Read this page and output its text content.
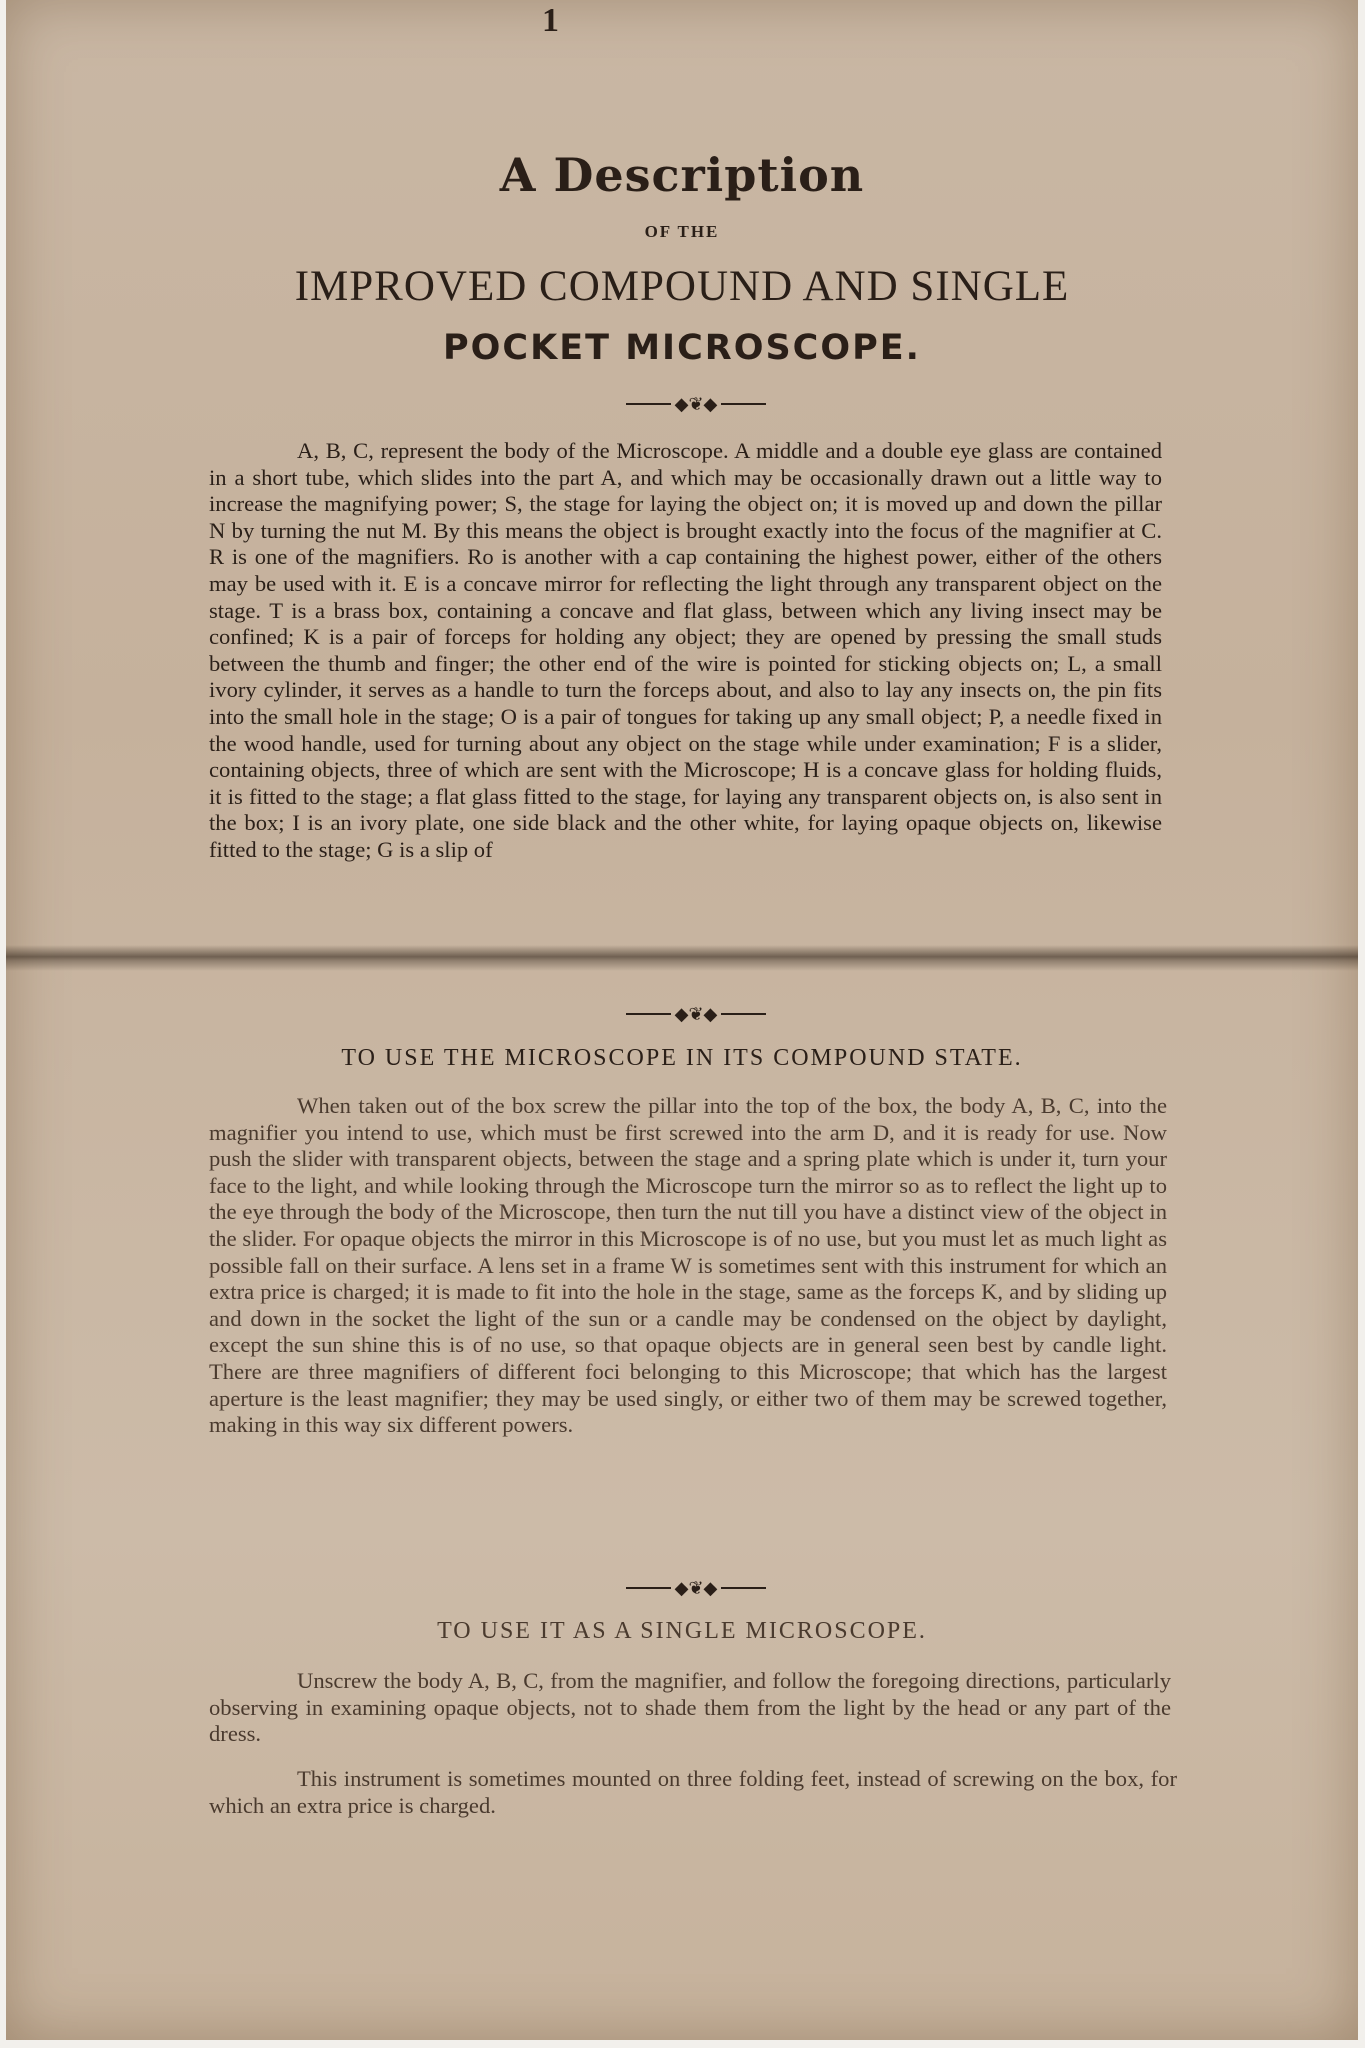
1
A Description
OF THE
IMPROVED COMPOUND AND SINGLE
POCKET MICROSCOPE.
◆❦◆

A, B, C, represent the body of the Microscope. A middle and a double eye glass are contained in a short tube, which slides into the part A, and which may be occasionally drawn out a little way to increase the magnifying power; S, the stage for laying the object on; it is moved up and down the pillar N by turning the nut M. By this means the object is brought exactly into the focus of the magnifier at C. R is one of the magnifiers. Ro is another with a cap containing the highest power, either of the others may be used with it. E is a concave mirror for reflecting the light through any transparent object on the stage. T is a brass box, containing a concave and flat glass, between which any living insect may be confined; K is a pair of forceps for holding any object; they are opened by pressing the small studs between the thumb and finger; the other end of the wire is pointed for sticking objects on; L, a small ivory cylinder, it serves as a handle to turn the forceps about, and also to lay any insects on, the pin fits into the small hole in the stage; O is a pair of tongues for taking up any small object; P, a needle fixed in the wood handle, used for turning about any object on the stage while under examination; F is a slider, containing objects, three of which are sent with the Microscope; H is a concave glass for holding fluids, it is fitted to the stage; a flat glass fitted to the stage, for laying any transparent objects on, is also sent in the box; I is an ivory plate, one side black and the other white, for laying opaque objects on, likewise fitted to the stage; G is a slip of

◆❦◆
TO USE THE MICROSCOPE IN ITS COMPOUND STATE.

When taken out of the box screw the pillar into the top of the box, the body A, B, C, into the magnifier you intend to use, which must be first screwed into the arm D, and it is ready for use. Now push the slider with transparent objects, between the stage and a spring plate which is under it, turn your face to the light, and while looking through the Microscope turn the mirror so as to reflect the light up to the eye through the body of the Microscope, then turn the nut till you have a distinct view of the object in the slider. For opaque objects the mirror in this Microscope is of no use, but you must let as much light as possible fall on their surface. A lens set in a frame W is sometimes sent with this instrument for which an extra price is charged; it is made to fit into the hole in the stage, same as the forceps K, and by sliding up and down in the socket the light of the sun or a candle may be condensed on the object by daylight, except the sun shine this is of no use, so that opaque objects are in general seen best by candle light. There are three magnifiers of different foci belonging to this Microscope; that which has the largest aperture is the least magnifier; they may be used singly, or either two of them may be screwed together, making in this way six different powers.

◆❦◆
TO USE IT AS A SINGLE MICROSCOPE.

Unscrew the body A, B, C, from the magnifier, and follow the foregoing directions, particularly observing in examining opaque objects, not to shade them from the light by the head or any part of the dress.

This instrument is sometimes mounted on three folding feet, instead of screwing on the box, for which an extra price is charged.
